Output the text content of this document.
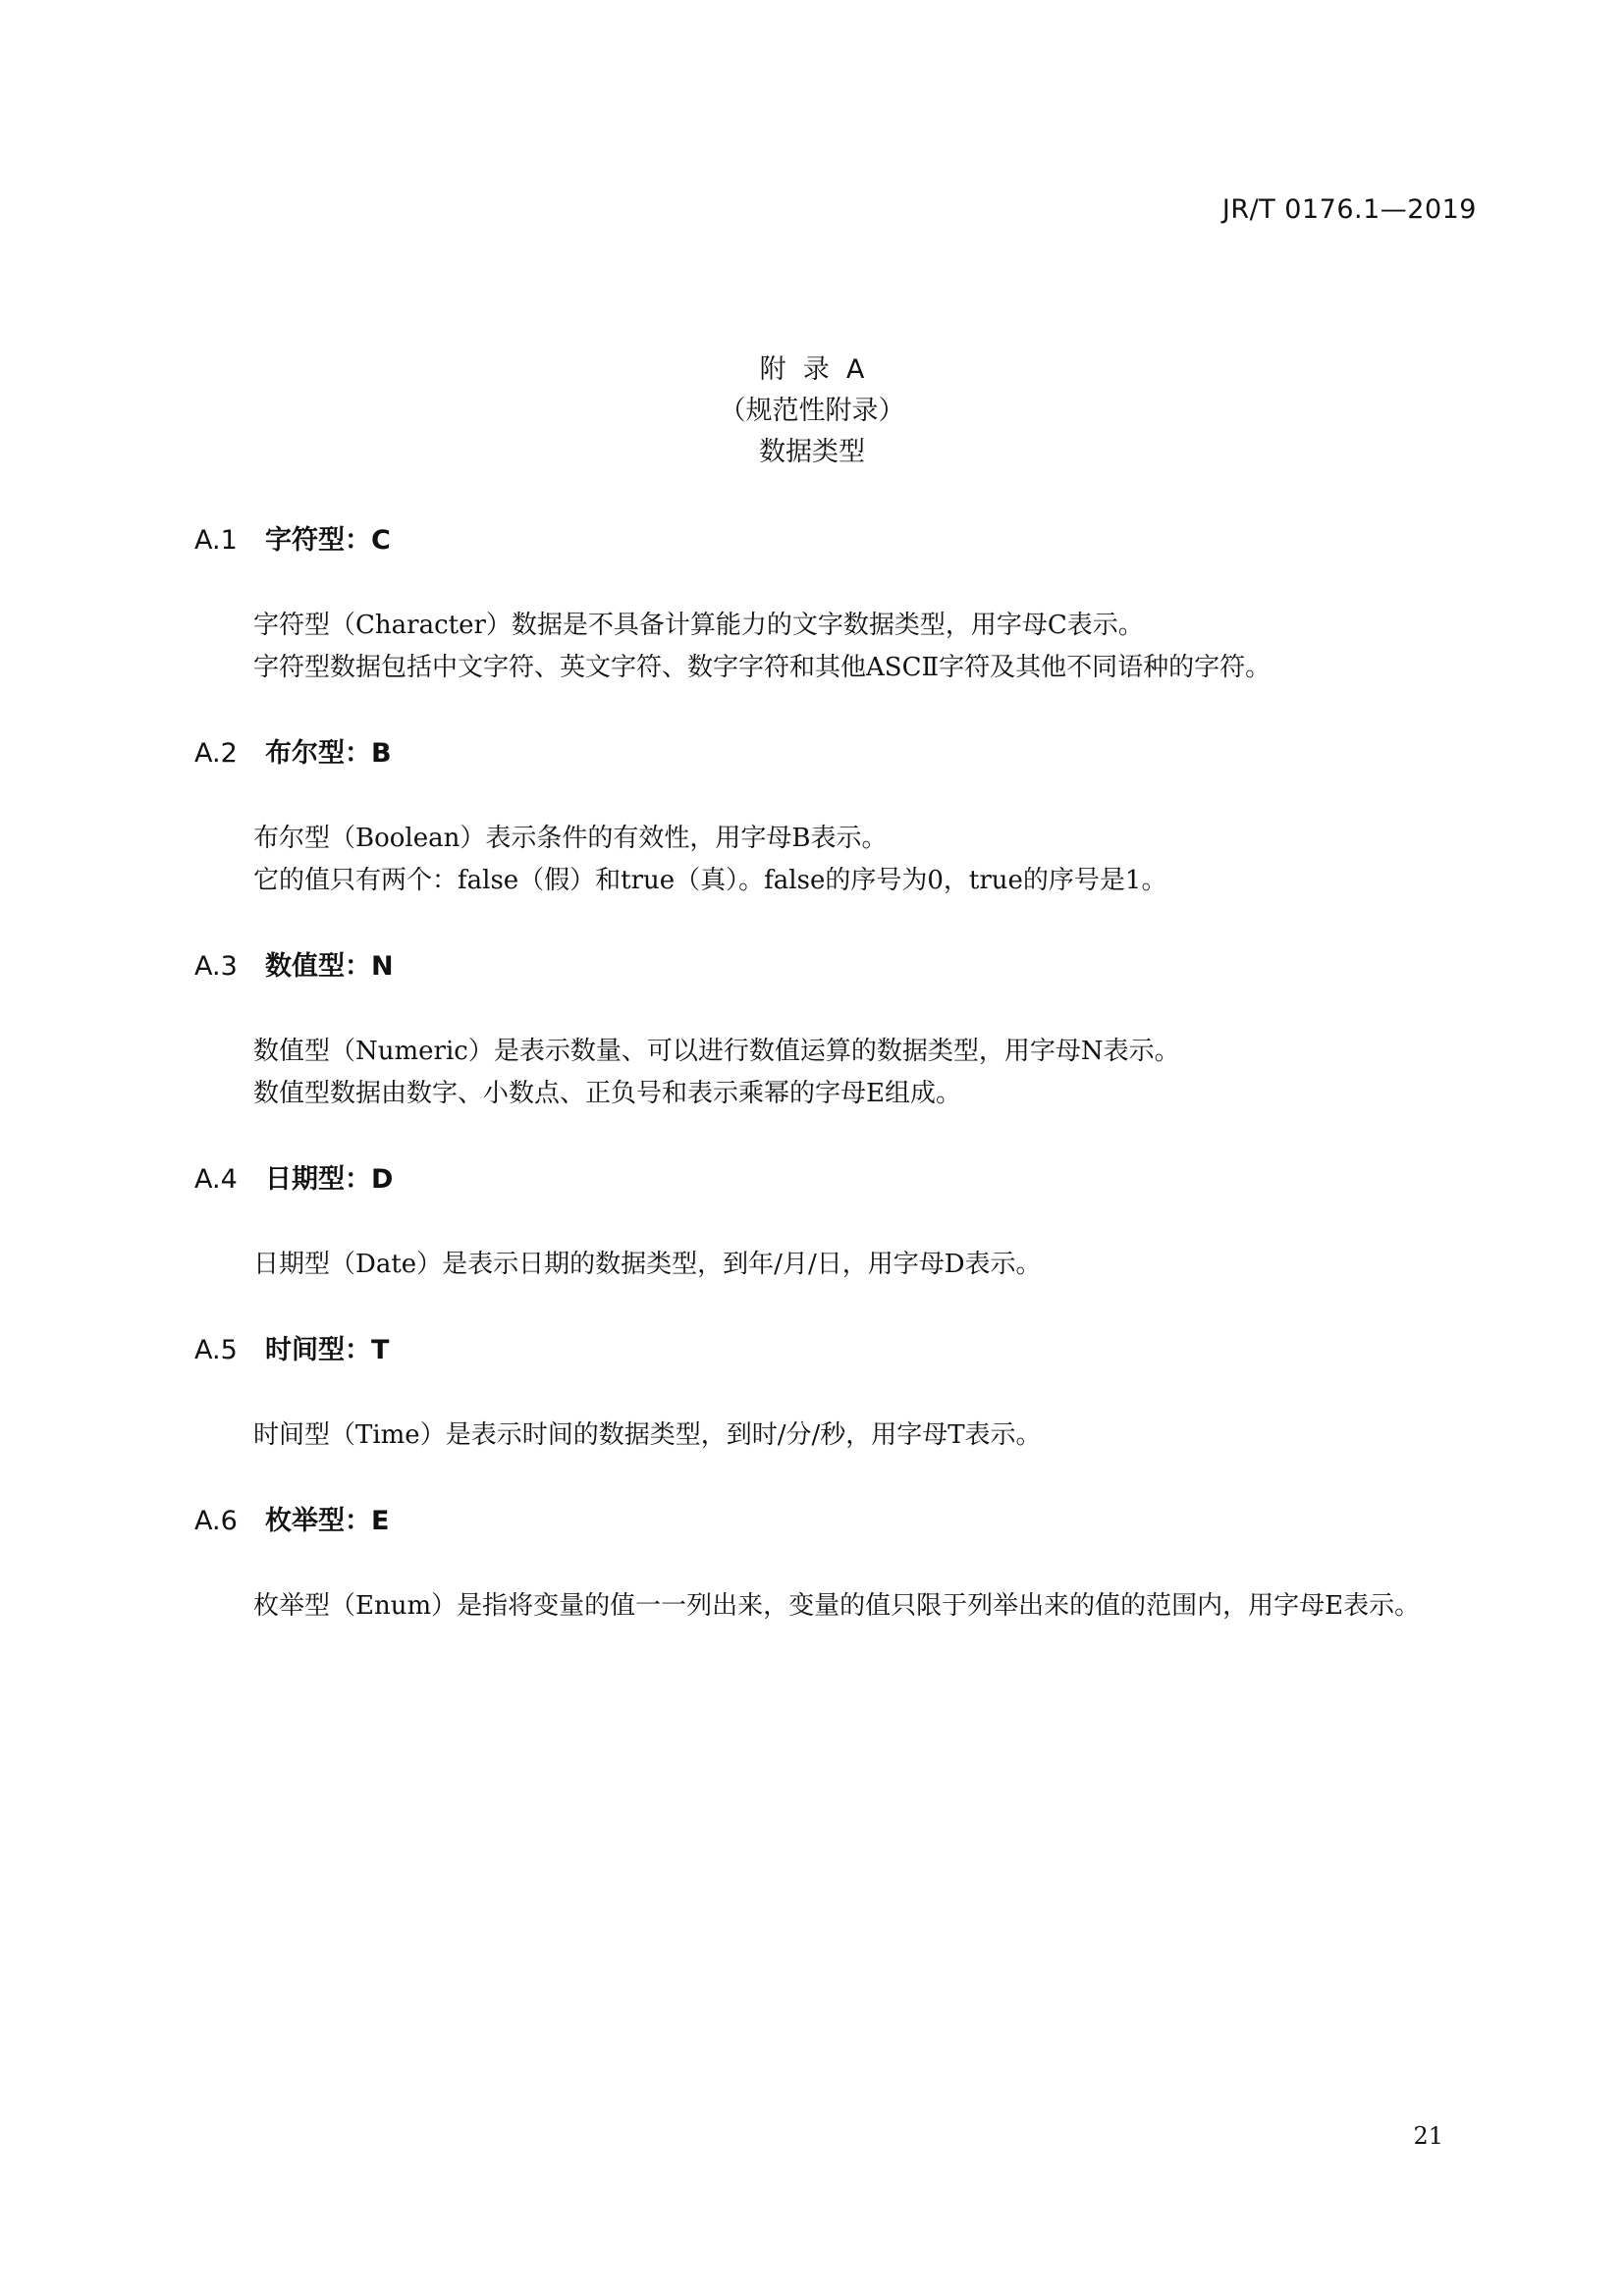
JR/T 0176.1—2019
附  录  A
（规范性附录）
数据类型
A.1	字符型：C

字符型（Character）数据是不具备计算能力的文字数据类型，用字母C表示。

字符型数据包括中文字符、英文字符、数字字符和其他ASCⅡ字符及其他不同语种的字符。

A.2	布尔型：B

布尔型（Boolean）表示条件的有效性，用字母B表示。

它的值只有两个：false（假）和true（真）。false的序号为0，true的序号是1。

A.3	数值型：N

数值型（Numeric）是表示数量、可以进行数值运算的数据类型，用字母N表示。

数值型数据由数字、小数点、正负号和表示乘幂的字母E组成。

A.4	日期型：D

日期型（Date）是表示日期的数据类型，到年/月/日，用字母D表示。

A.5	时间型：T

时间型（Time）是表示时间的数据类型，到时/分/秒，用字母T表示。

A.6	枚举型：E

枚举型（Enum）是指将变量的值一一列出来，变量的值只限于列举出来的值的范围内，用字母E表示。

21
